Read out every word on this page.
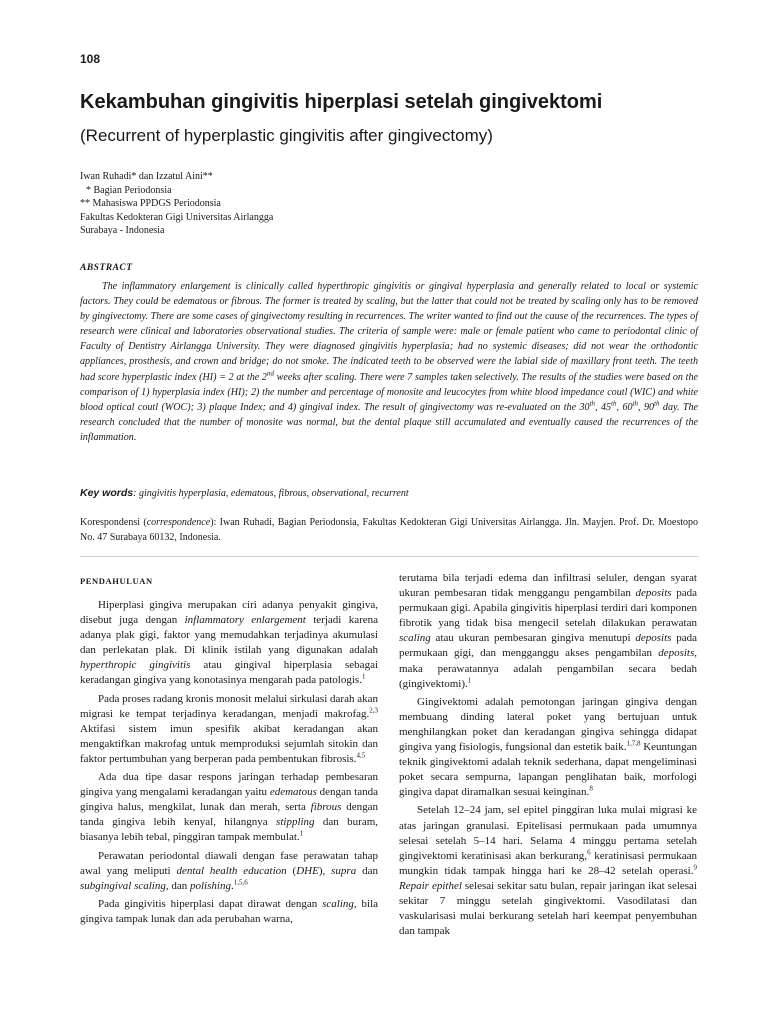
108
Kekambuhan gingivitis hiperplasi setelah gingivektomi
(Recurrent of hyperplastic gingivitis after gingivectomy)
Iwan Ruhadi* dan Izzatul Aini**
* Bagian Periodonsia
** Mahasiswa PPDGS Periodonsia
Fakultas Kedokteran Gigi Universitas Airlangga
Surabaya - Indonesia
ABSTRACT

The inflammatory enlargement is clinically called hyperthropic gingivitis or gingival hyperplasia and generally related to local or systemic factors. They could be edematous or fibrous. The former is treated by scaling, but the latter that could not be treated by scaling only has to be removed by gingivectomy. There are some cases of gingivectomy resulting in recurrences. The writer wanted to find out the cause of the recurrences. The types of research were clinical and laboratories observational studies. The criteria of sample were: male or female patient who came to periodontal clinic of Faculty of Dentistry Airlangga University. They were diagnosed gingivitis hyperplasia; had no systemic diseases; did not wear the orthodontic appliances, prosthesis, and crown and bridge; do not smoke. The indicated teeth to be observed were the labial side of maxillary front teeth. The teeth had score hyperplastic index (HI) = 2 at the 2nd weeks after scaling. There were 7 samples taken selectively. The results of the studies were based on the comparison of 1) hyperplasia index (HI); 2) the number and percentage of monosite and leucocytes from white blood impedance coutl (WIC) and white blood optical coutl (WOC); 3) plaque Index; and 4) gingival index. The result of gingivectomy was re-evaluated on the 30th, 45th, 60th, 90th day. The research concluded that the number of monosite was normal, but the dental plaque still accumulated and eventually caused the recurrences of the inflammation.

Key words: gingivitis hyperplasia, edematous, fibrous, observational, recurrent

Korespondensi (correspondence): Iwan Ruhadi, Bagian Periodonsia, Fakultas Kedokteran Gigi Universitas Airlangga. Jln. Mayjen. Prof. Dr. Moestopo No. 47 Surabaya 60132, Indonesia.

PENDAHULUAN

Hiperplasi gingiva merupakan ciri adanya penyakit gingiva, disebut juga dengan inflammatory enlargement terjadi karena adanya plak gigi, faktor yang memudahkan terjadinya akumulasi dan perlekatan plak. Di klinik istilah yang digunakan adalah hyperthropic gingivitis atau gingival hiperplasia sebagai keradangan gingiva yang konotasinya mengarah pada patologis.$^1$

Pada proses radang kronis monosit melalui sirkulasi darah akan migrasi ke tempat terjadinya keradangan, menjadi makrofag.$^{2,3}$ Aktifasi sistem imun spesifik akibat keradangan akan mengaktifkan makrofag untuk memproduksi sejumlah sitokin dan faktor pertumbuhan yang berperan pada pembentukan fibrosis.$^{4,5}$

Ada dua tipe dasar respons jaringan terhadap pembesaran gingiva yang mengalami keradangan yaitu edematous dengan tanda gingiva halus, mengkilat, lunak dan merah, serta fibrous dengan tanda gingiva lebih kenyal, hilangnya stippling dan buram, biasanya lebih tebal, pinggiran tampak membulat.$^1$

Perawatan periodontal diawali dengan fase perawatan tahap awal yang meliputi dental health education (DHE), supra dan subgingival scaling, dan polishing.$^{1,5,6}$

Pada gingivitis hiperplasi dapat dirawat dengan scaling, bila gingiva tampak lunak dan ada perubahan warna,

terutama bila terjadi edema dan infiltrasi seluler, dengan syarat ukuran pembesaran tidak menggangu pengambilan deposits pada permukaan gigi. Apabila gingivitis hiperplasi terdiri dari komponen fibrotik yang tidak bisa mengecil setelah dilakukan perawatan scaling atau ukuran pembesaran gingiva menutupi deposits pada permukaan gigi, dan mengganggu akses pengambilan deposits, maka perawatannya adalah pengambilan secara bedah (gingivektomi).$^1$

Gingivektomi adalah pemotongan jaringan gingiva dengan membuang dinding lateral poket yang bertujuan untuk menghilangkan poket dan keradangan gingiva sehingga didapat gingiva yang fisiologis, fungsional dan estetik baik.$^{1,7,8}$ Keuntungan teknik gingivektomi adalah teknik sederhana, dapat mengeliminasi poket secara sempurna, lapangan penglihatan baik, morfologi gingiva dapat diramalkan sesuai keinginan.$^8$

Setelah 12–24 jam, sel epitel pinggiran luka mulai migrasi ke atas jaringan granulasi. Epitelisasi permukaan pada umumnya selesai setelah 5–14 hari. Selama 4 minggu pertama setelah gingivektomi keratinisasi akan berkurang,$^6$ keratinisasi permukaan mungkin tidak tampak hingga hari ke 28–42 setelah operasi.$^9$ Repair epithel selesai sekitar satu bulan, repair jaringan ikat selesai sekitar 7 minggu setelah gingivektomi. Vasodilatasi dan vaskularisasi mulai berkurang setelah hari keempat penyembuhan dan tampak
